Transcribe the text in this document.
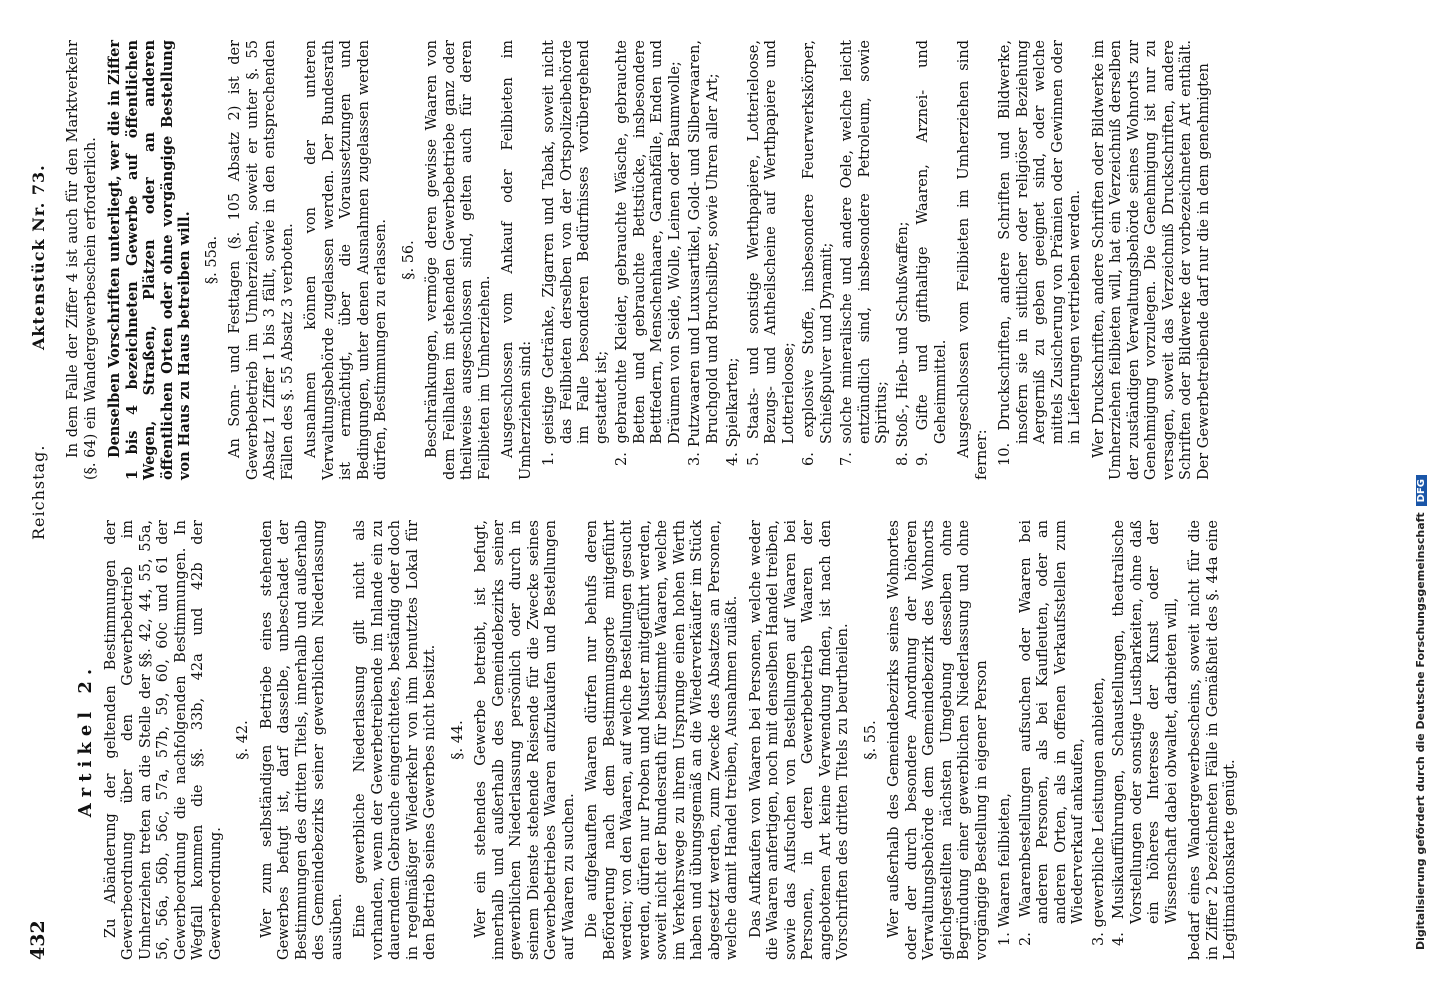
432
Reichstag.
Aktenstück Nr. 73.

Artikel 2. Zu Abänderung der geltenden Bestimmungen der Gewerbeordnung über den Gewerbebetrieb im Umherziehen treten an die Stelle der §§. 42, 44, 55, 55a, 56, 56a, 56b, 56c, 57a, 57b, 59, 60, 60c und 61 der Gewerbeordnung die nachfolgenden Bestimmungen. In Wegfall kommen die §§. 33b, 42a und 42b der Gewerbeordnung.

§. 42. Wer zum selbständigen Betriebe eines stehenden Gewerbes befugt ist, darf dasselbe, unbeschadet der Bestimmungen des dritten Titels, innerhalb und außerhalb des Gemeindebezirks seiner gewerblichen Niederlassung ausüben. Eine gewerbliche Niederlassung gilt nicht als vorhanden, wenn der Gewerbetreibende im Inlande ein zu dauerndem Gebrauche eingerichtetes, beständig oder doch in regelmäßiger Wiederkehr von ihm benutztes Lokal für den Betrieb seines Gewerbes nicht besitzt. §. 44. Wer ein stehendes Gewerbe betreibt, ist befugt, innerhalb und außerhalb des Gemeindebezirks seiner gewerblichen Niederlassung persönlich oder durch in seinem Dienste stehende Reisende für die Zwecke seines Gewerbebetriebes Waaren aufzukaufen und Bestellungen auf Waaren zu suchen. Die aufgekauften Waaren dürfen nur behufs deren Beförderung nach dem Bestimmungsorte mitgeführt werden; von den Waaren, auf welche Bestellungen gesucht werden, dürfen nur Proben und Muster mitgeführt werden, soweit nicht der Bundesrath für bestimmte Waaren, welche im Verkehrswege zu ihrem Ursprunge einen hohen Werth haben und übungsgemäß an die Wiederverkäufer im Stück abgesetzt werden, zum Zwecke des Absatzes an Personen, welche damit Handel treiben, Ausnahmen zuläßt. Das Aufkaufen von Waaren bei Personen, welche weder die Waaren anfertigen, noch mit denselben Handel treiben, sowie das Aufsuchen von Bestellungen auf Waaren bei Personen, in deren Gewerbebetrieb Waaren der angebotenen Art keine Verwendung finden, ist nach den Vorschriften des dritten Titels zu beurtheilen. §. 55. Wer außerhalb des Gemeindebezirks seines Wohnortes oder der durch besondere Anordnung der höheren Verwaltungsbehörde dem Gemeindebezirk des Wohnorts gleichgestellten nächsten Umgebung desselben ohne Begründung einer gewerblichen Niederlassung und ohne vorgängige Bestellung in eigener Person 1. Waaren feilbieten, 2. Waarenbestellungen aufsuchen oder Waaren bei anderen Personen, als bei Kaufleuten, oder an anderen Orten, als in offenen Verkaufsstellen zum Wiederverkauf ankaufen, 3. gewerbliche Leistungen anbieten, 4. Musikaufführungen, Schaustellungen, theatralische Vorstellungen oder sonstige Lustbarkeiten, ohne daß ein höheres Interesse der Kunst oder der Wissenschaft dabei obwaltet, darbieten will, bedarf eines Wandergewerbescheins, soweit nicht für die in Ziffer 2 bezeichneten Fälle in Gemäßheit des §. 44a eine Legitimationskarte genügt.

In dem Falle der Ziffer 4 ist auch für den Marktverkehr (§. 64) ein Wandergewerbeschein erforderlich. Denselben Vorschriften unterliegt, wer die in Ziffer 1 bis 4 bezeichneten Gewerbe auf öffentlichen Wegen, Straßen, Plätzen oder an anderen öffentlichen Orten oder ohne vorgängige Bestellung von Haus zu Haus betreiben will. §. 55a. An Sonn- und Festtagen (§. 105 Absatz 2) ist der Gewerbebetrieb im Umherziehen, soweit er unter §. 55 Absatz 1 Ziffer 1 bis 3 fällt, sowie in den entsprechenden Fällen des §. 55 Absatz 3 verboten. Ausnahmen können von der unteren Verwaltungsbehörde zugelassen werden. Der Bundesrath ist ermächtigt, über die Voraussetzungen und Bedingungen, unter denen Ausnahmen zugelassen werden dürfen, Bestimmungen zu erlassen. §. 56. Beschränkungen, vermöge deren gewisse Waaren von dem Feilhalten im stehenden Gewerbebetriebe ganz oder theilweise ausgeschlossen sind, gelten auch für deren Feilbieten im Umherziehen. Ausgeschlossen vom Ankauf oder Feilbieten im Umherziehen sind: 1. geistige Getränke, Zigarren und Tabak, soweit nicht das Feilbieten derselben von der Ortspolizeibehörde im Falle besonderen Bedürfnisses vorübergehend gestattet ist; 2. gebrauchte Kleider, gebrauchte Wäsche, gebrauchte Betten und gebrauchte Bettstücke, insbesondere Bettfedern, Menschenhaare, Garnabfälle, Enden und Dräumen von Seide, Wolle, Leinen oder Baumwolle; 3. Putzwaaren und Luxusartikel, Gold- und Silberwaaren, Bruchgold und Bruchsilber, sowie Uhren aller Art; 4. Spielkarten; 5. Staats- und sonstige Werthpapiere, Lotterieloose, Bezugs- und Antheilscheine auf Werthpapiere und Lotterieloose; 6. explosive Stoffe, insbesondere Feuerwerkskörper, Schießpulver und Dynamit; 7. solche mineralische und andere Oele, welche leicht entzündlich sind, insbesondere Petroleum, sowie Spiritus; 8. Stoß-, Hieb- und Schußwaffen; 9. Gifte und gifthaltige Waaren, Arznei- und Geheimmittel. Ausgeschlossen vom Feilbieten im Umherziehen sind ferner: 10. Druckschriften, andere Schriften und Bildwerke, insofern sie in sittlicher oder religiöser Beziehung Aergerniß zu geben geeignet sind, oder welche mittels Zusicherung von Prämien oder Gewinnen oder in Lieferungen vertrieben werden. Wer Druckschriften, andere Schriften oder Bildwerke im Umherziehen feilbieten will, hat ein Verzeichniß derselben der zuständigen Verwaltungsbehörde seines Wohnorts zur Genehmigung vorzulegen. Die Genehmigung ist nur zu versagen, soweit das Verzeichniß Druckschriften, andere Schriften oder Bildwerke der vorbezeichneten Art enthält. Der Gewerbetreibende darf nur die in dem genehmigten

Digitalisierung gefördert durch die Deutsche ForschungsgemeinschaftDFG
